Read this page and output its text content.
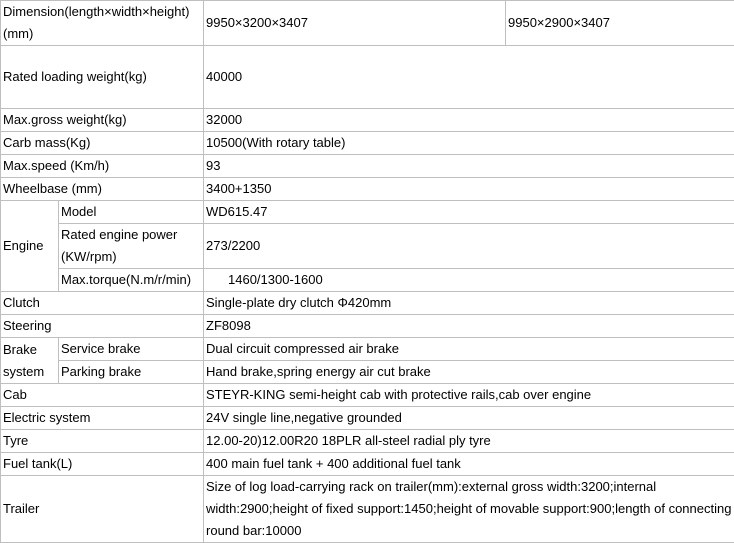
Dimension(length×width×height)(mm)		9950×3200×3407	9950×2900×3407
Rated loading weight(kg)		40000	
Max.gross weight(kg)		32000	
Carb mass(Kg)		10500(With rotary table)	
Max.speed (Km/h)		93	
Wheelbase (mm)		3400+1350	
Engine	Model	WD615.47	
	Rated engine power (KW/rpm)	273/2200	
	Max.torque(N.m/r/min)	1460/1300-1600	
Clutch		Single-plate dry clutch Φ420mm	
Steering		ZF8098	
Brake system	Service brake	Dual circuit compressed air brake	
	Parking brake	Hand brake,spring energy air cut brake	
Cab		STEYR-KING semi-height cab with protective rails,cab over engine	
Electric system		24V single line,negative grounded	
Tyre		12.00-20)12.00R20 18PLR all-steel radial ply tyre	
Fuel tank(L)		400 main fuel tank + 400 additional fuel tank	
Trailer		Size of log load-carrying rack on trailer(mm):external gross width:3200;internal width:2900;height of fixed support:1450;height of movable support:900;length of connecting round bar:10000	
